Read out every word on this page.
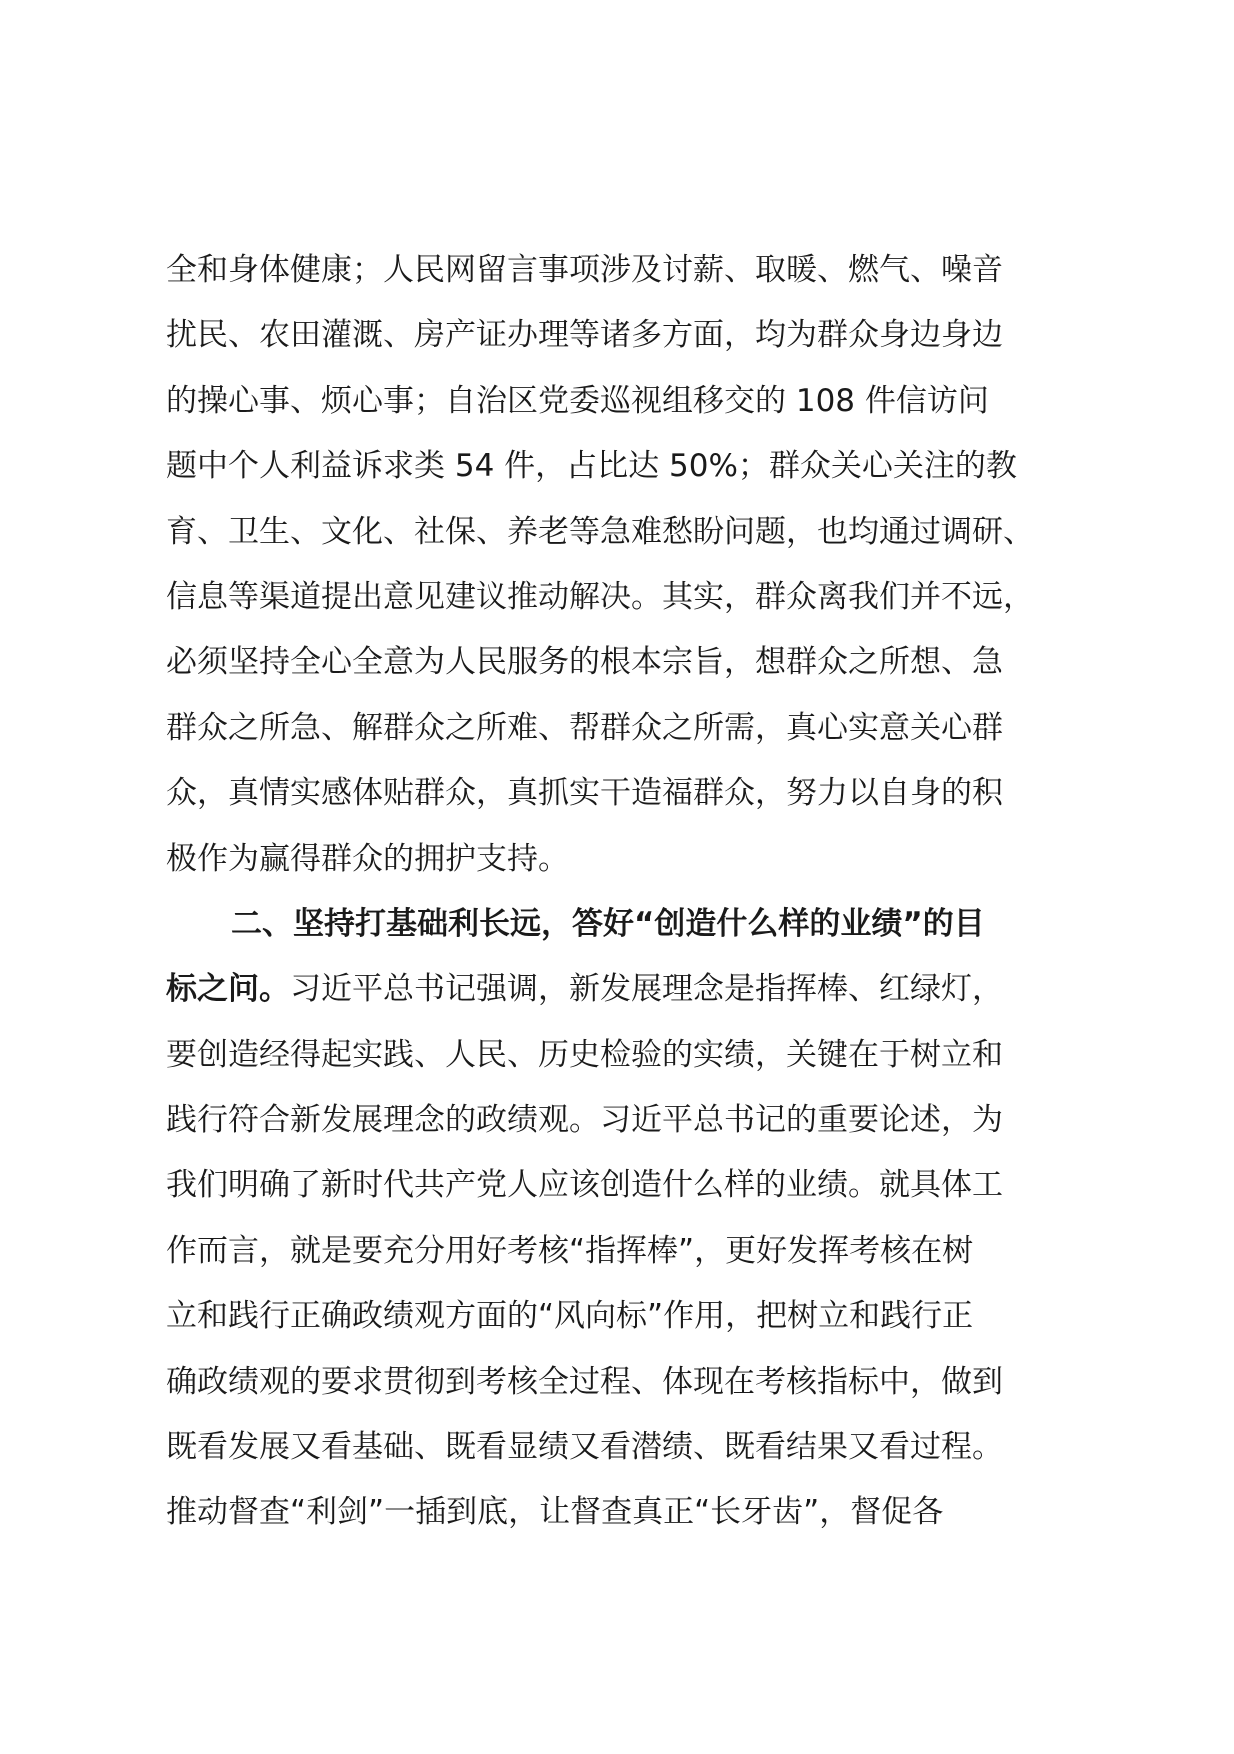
全和身体健康；人民网留言事项涉及讨薪、取暖、燃气、噪音
扰民、农田灌溉、房产证办理等诸多方面，均为群众身边身边
的操心事、烦心事；自治区党委巡视组移交的 108 件信访问
题中个人利益诉求类 54 件，占比达 50%；群众关心关注的教
育、卫生、文化、社保、养老等急难愁盼问题，也均通过调研、
信息等渠道提出意见建议推动解决。其实，群众离我们并不远，
必须坚持全心全意为人民服务的根本宗旨，想群众之所想、急
群众之所急、解群众之所难、帮群众之所需，真心实意关心群
众，真情实感体贴群众，真抓实干造福群众，努力以自身的积
极作为赢得群众的拥护支持。
二、坚持打基础利长远，答好“创造什么样的业绩”的目
标之问。习近平总书记强调，新发展理念是指挥棒、红绿灯，
要创造经得起实践、人民、历史检验的实绩，关键在于树立和
践行符合新发展理念的政绩观。习近平总书记的重要论述，为
我们明确了新时代共产党人应该创造什么样的业绩。就具体工
作而言，就是要充分用好考核“指挥棒”，更好发挥考核在树
立和践行正确政绩观方面的“风向标”作用，把树立和践行正
确政绩观的要求贯彻到考核全过程、体现在考核指标中，做到
既看发展又看基础、既看显绩又看潜绩、既看结果又看过程。
推动督查“利剑”一插到底，让督查真正“长牙齿”，督促各
